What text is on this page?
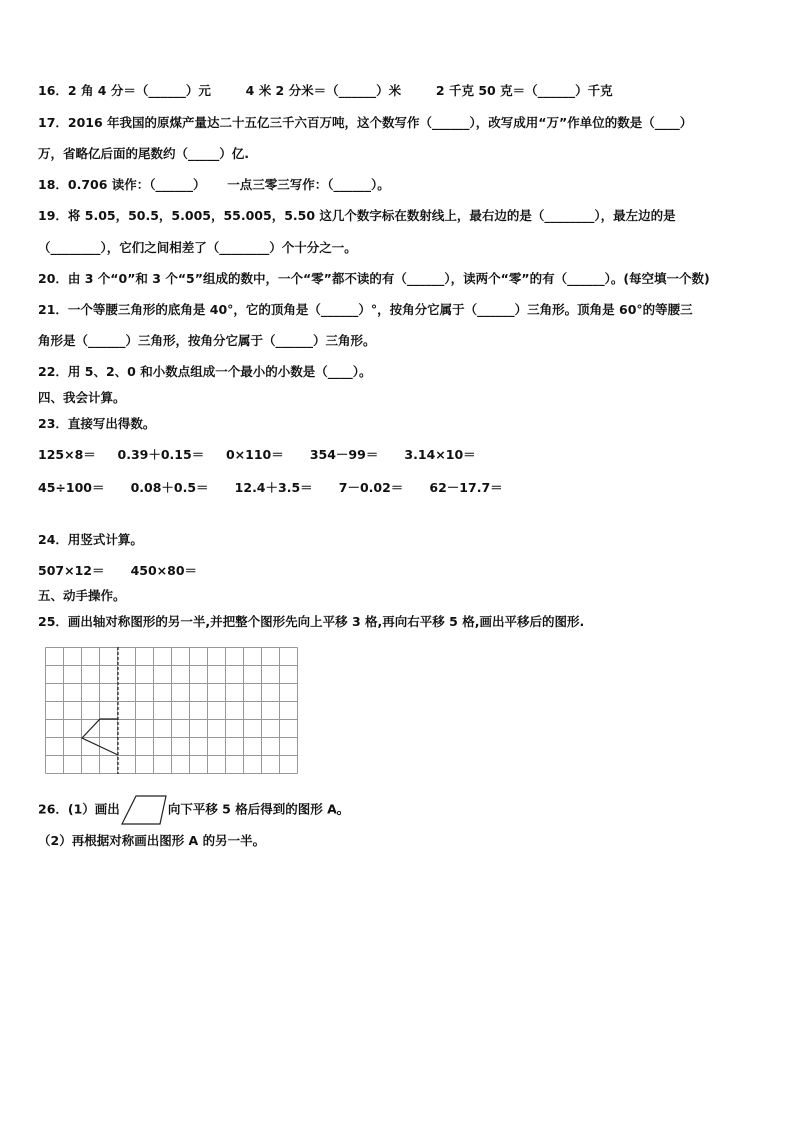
16．2 角 4 分＝（______）元        4 米 2 分米＝（______）米        2 千克 50 克＝（______）千克
17．2016 年我国的原煤产量达二十五亿三千六百万吨，这个数写作（______），改写成用“万”作单位的数是（____）
万，省略亿后面的尾数约（_____）亿.
18．0.706 读作：（______）     一点三零三写作：（______）。
19．将 5.05，50.5，5.005，55.005，5.50 这几个数字标在数射线上，最右边的是（________），最左边的是
（________），它们之间相差了（________）个十分之一。
20．由 3 个“0”和 3 个“5”组成的数中，一个“零”都不读的有（______），读两个“零”的有（______）。(每空填一个数)
21．一个等腰三角形的底角是 40°，它的顶角是（______）°，按角分它属于（______）三角形。顶角是 60°的等腰三
角形是（______）三角形，按角分它属于（______）三角形。
22．用 5、2、0 和小数点组成一个最小的小数是（____）。
四、我会计算。
23．直接写出得数。
125×8＝     0.39＋0.15＝     0×110＝      354－99＝      3.14×10＝
45÷100＝      0.08＋0.5＝      12.4＋3.5＝      7－0.02＝      62－17.7＝
24．用竖式计算。
507×12＝      450×80＝
五、动手操作。
25．画出轴对称图形的另一半,并把整个图形先向上平移 3 格,再向右平移 5 格,画出平移后的图形.
26．(1）画出	向下平移 5 格后得到的图形 A。
（2）再根据对称画出图形 A 的另一半。
